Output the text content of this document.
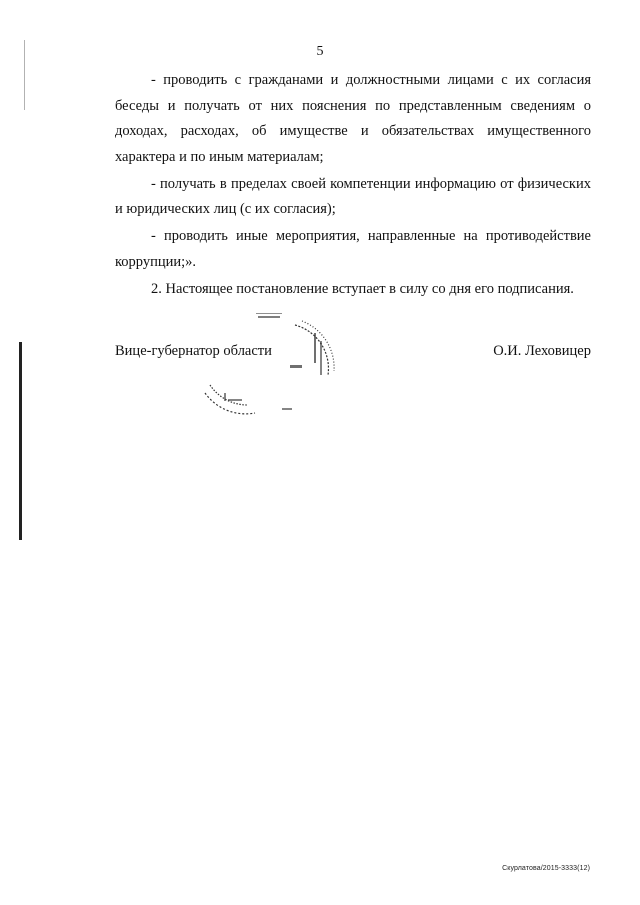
5

- проводить с гражданами и должностными лицами с их согласия беседы и получать от них пояснения по представленным сведениям о доходах, расходах, об имуществе и обязательствах имущественного характера и по иным материалам;

- получать в пределах своей компетенции информацию от физических и юридических лиц (с их согласия);

- проводить иные мероприятия, направленные на противодействие коррупции;».

2. Настоящее постановление вступает в силу со дня его подписания.

Вице-губернатор области	О.И. Леховицер
Скурлатова/2015-3333(12)
